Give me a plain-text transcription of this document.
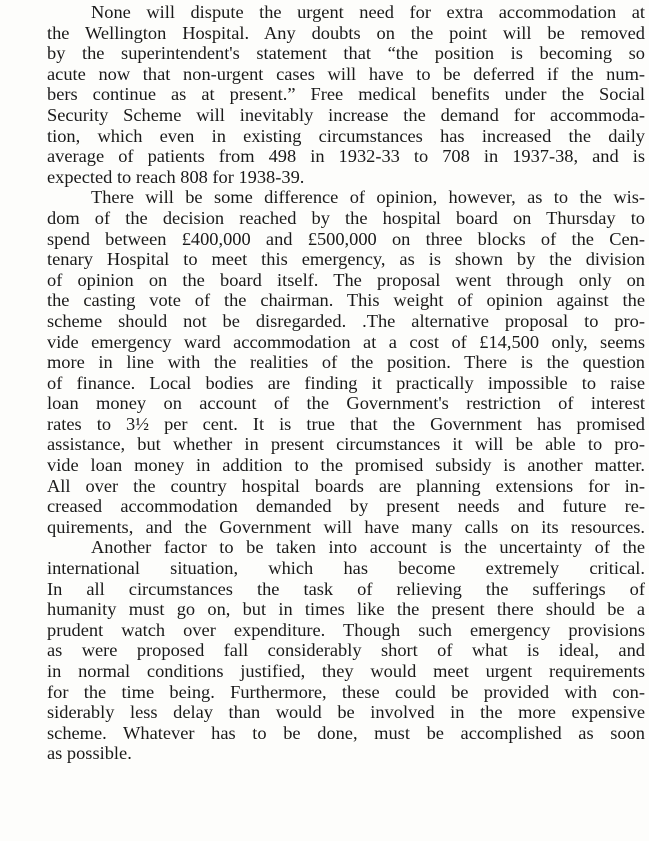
None will dispute the urgent need for extra accommodation at
the Wellington Hospital. Any doubts on the point will be removed
by the superintendent's statement that “the position is becoming so
acute now that non-urgent cases will have to be deferred if the num-
bers continue as at present.” Free medical benefits under the Social
Security Scheme will inevitably increase the demand for accommoda-
tion, which even in existing circumstances has increased the daily
average of patients from 498 in 1932-33 to 708 in 1937-38, and is
expected to reach 808 for 1938-39.
There will be some difference of opinion, however, as to the wis-
dom of the decision reached by the hospital board on Thursday to
spend between £400,000 and £500,000 on three blocks of the Cen-
tenary Hospital to meet this emergency, as is shown by the division
of opinion on the board itself. The proposal went through only on
the casting vote of the chairman. This weight of opinion against the
scheme should not be disregarded. .The alternative proposal to pro-
vide emergency ward accommodation at a cost of £14,500 only, seems
more in line with the realities of the position. There is the question
of finance. Local bodies are finding it practically impossible to raise
loan money on account of the Government's restriction of interest
rates to 3½ per cent. It is true that the Government has promised
assistance, but whether in present circumstances it will be able to pro-
vide loan money in addition to the promised subsidy is another matter.
All over the country hospital boards are planning extensions for in-
creased accommodation demanded by present needs and future re-
quirements, and the Government will have many calls on its resources.
Another factor to be taken into account is the uncertainty of the
international situation, which has become extremely critical.
In all circumstances the task of relieving the sufferings of
humanity must go on, but in times like the present there should be a
prudent watch over expenditure. Though such emergency provisions
as were proposed fall considerably short of what is ideal, and
in normal conditions justified, they would meet urgent requirements
for the time being. Furthermore, these could be provided with con-
siderably less delay than would be involved in the more expensive
scheme. Whatever has to be done, must be accomplished as soon
as possible.
